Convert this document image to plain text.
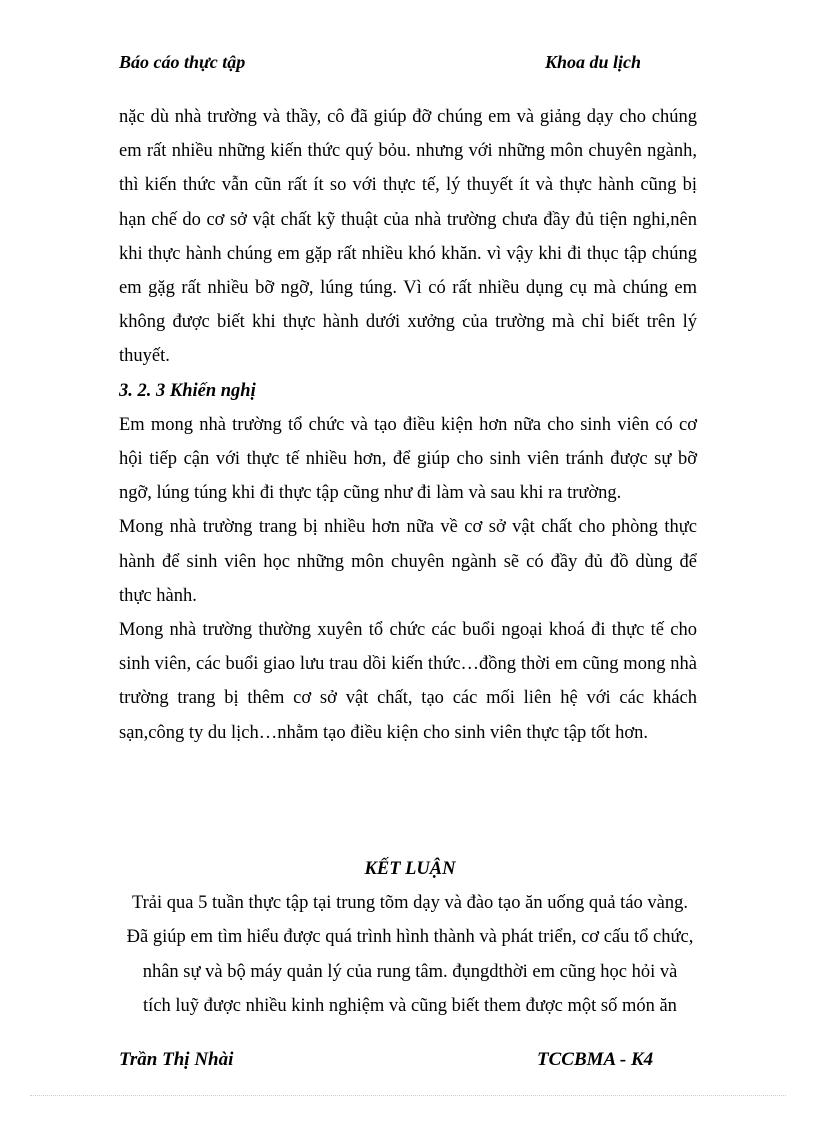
Báo cáo thực tập	Khoa du lịch

nặc dù nhà trường và thầy, cô đã giúp đỡ chúng em và giảng dạy cho chúng em rất nhiều những kiến thức quý bỏu. nhưng với những môn chuyên ngành, thì kiến thức vẫn cũn rất ít so với thực tế, lý thuyết ít và thực hành cũng bị hạn chế do cơ sở vật chất kỹ thuật của nhà trường chưa đầy đủ tiện nghi,nên khi thực hành chúng em gặp rất nhiều khó khăn. vì vậy khi đi thục tập chúng em gặg rất nhiều bỡ ngỡ, lúng túng. Vì có rất nhiều dụng cụ mà chúng em không được biết khi thực hành dưới xưởng của trường mà chỉ biết trên lý thuyết.

3. 2. 3 Khiến nghị

Em mong nhà trường tổ chức và tạo điều kiện hơn nữa cho sinh viên có cơ hội tiếp cận với thực tế nhiều hơn, để giúp cho sinh viên tránh được sự bỡ ngỡ, lúng túng khi đi thực tập cũng như đi làm và sau khi ra trường.

Mong nhà trường trang bị nhiều hơn nữa về cơ sở vật chất cho phòng thực hành để sinh viên học những môn chuyên ngành sẽ có đầy đủ đồ dùng để thực hành.

Mong nhà trường thường xuyên tổ chức các buổi ngoại khoá đi thực tế cho sinh viên, các buổi giao lưu trau dồi kiến thức…đồng thời em cũng mong nhà trường trang bị thêm cơ sở vật chất, tạo các mối liên hệ với các khách sạn,công ty du lịch…nhằm tạo điều kiện cho sinh viên thực tập tốt hơn.

KẾT LUẬN

Trải qua 5 tuần thực tập tại trung tõm dạy và đào tạo ăn uống quả táo vàng.

Đã giúp em tìm hiểu được quá trình hình thành và phát triển, cơ cấu tổ chức,

nhân sự và bộ máy quản lý của rung tâm. đụngdthời em cũng học hỏi và

tích luỹ được nhiều kinh nghiệm và cũng biết them được một số món ăn

Trần Thị Nhài	TCCBMA - K4
